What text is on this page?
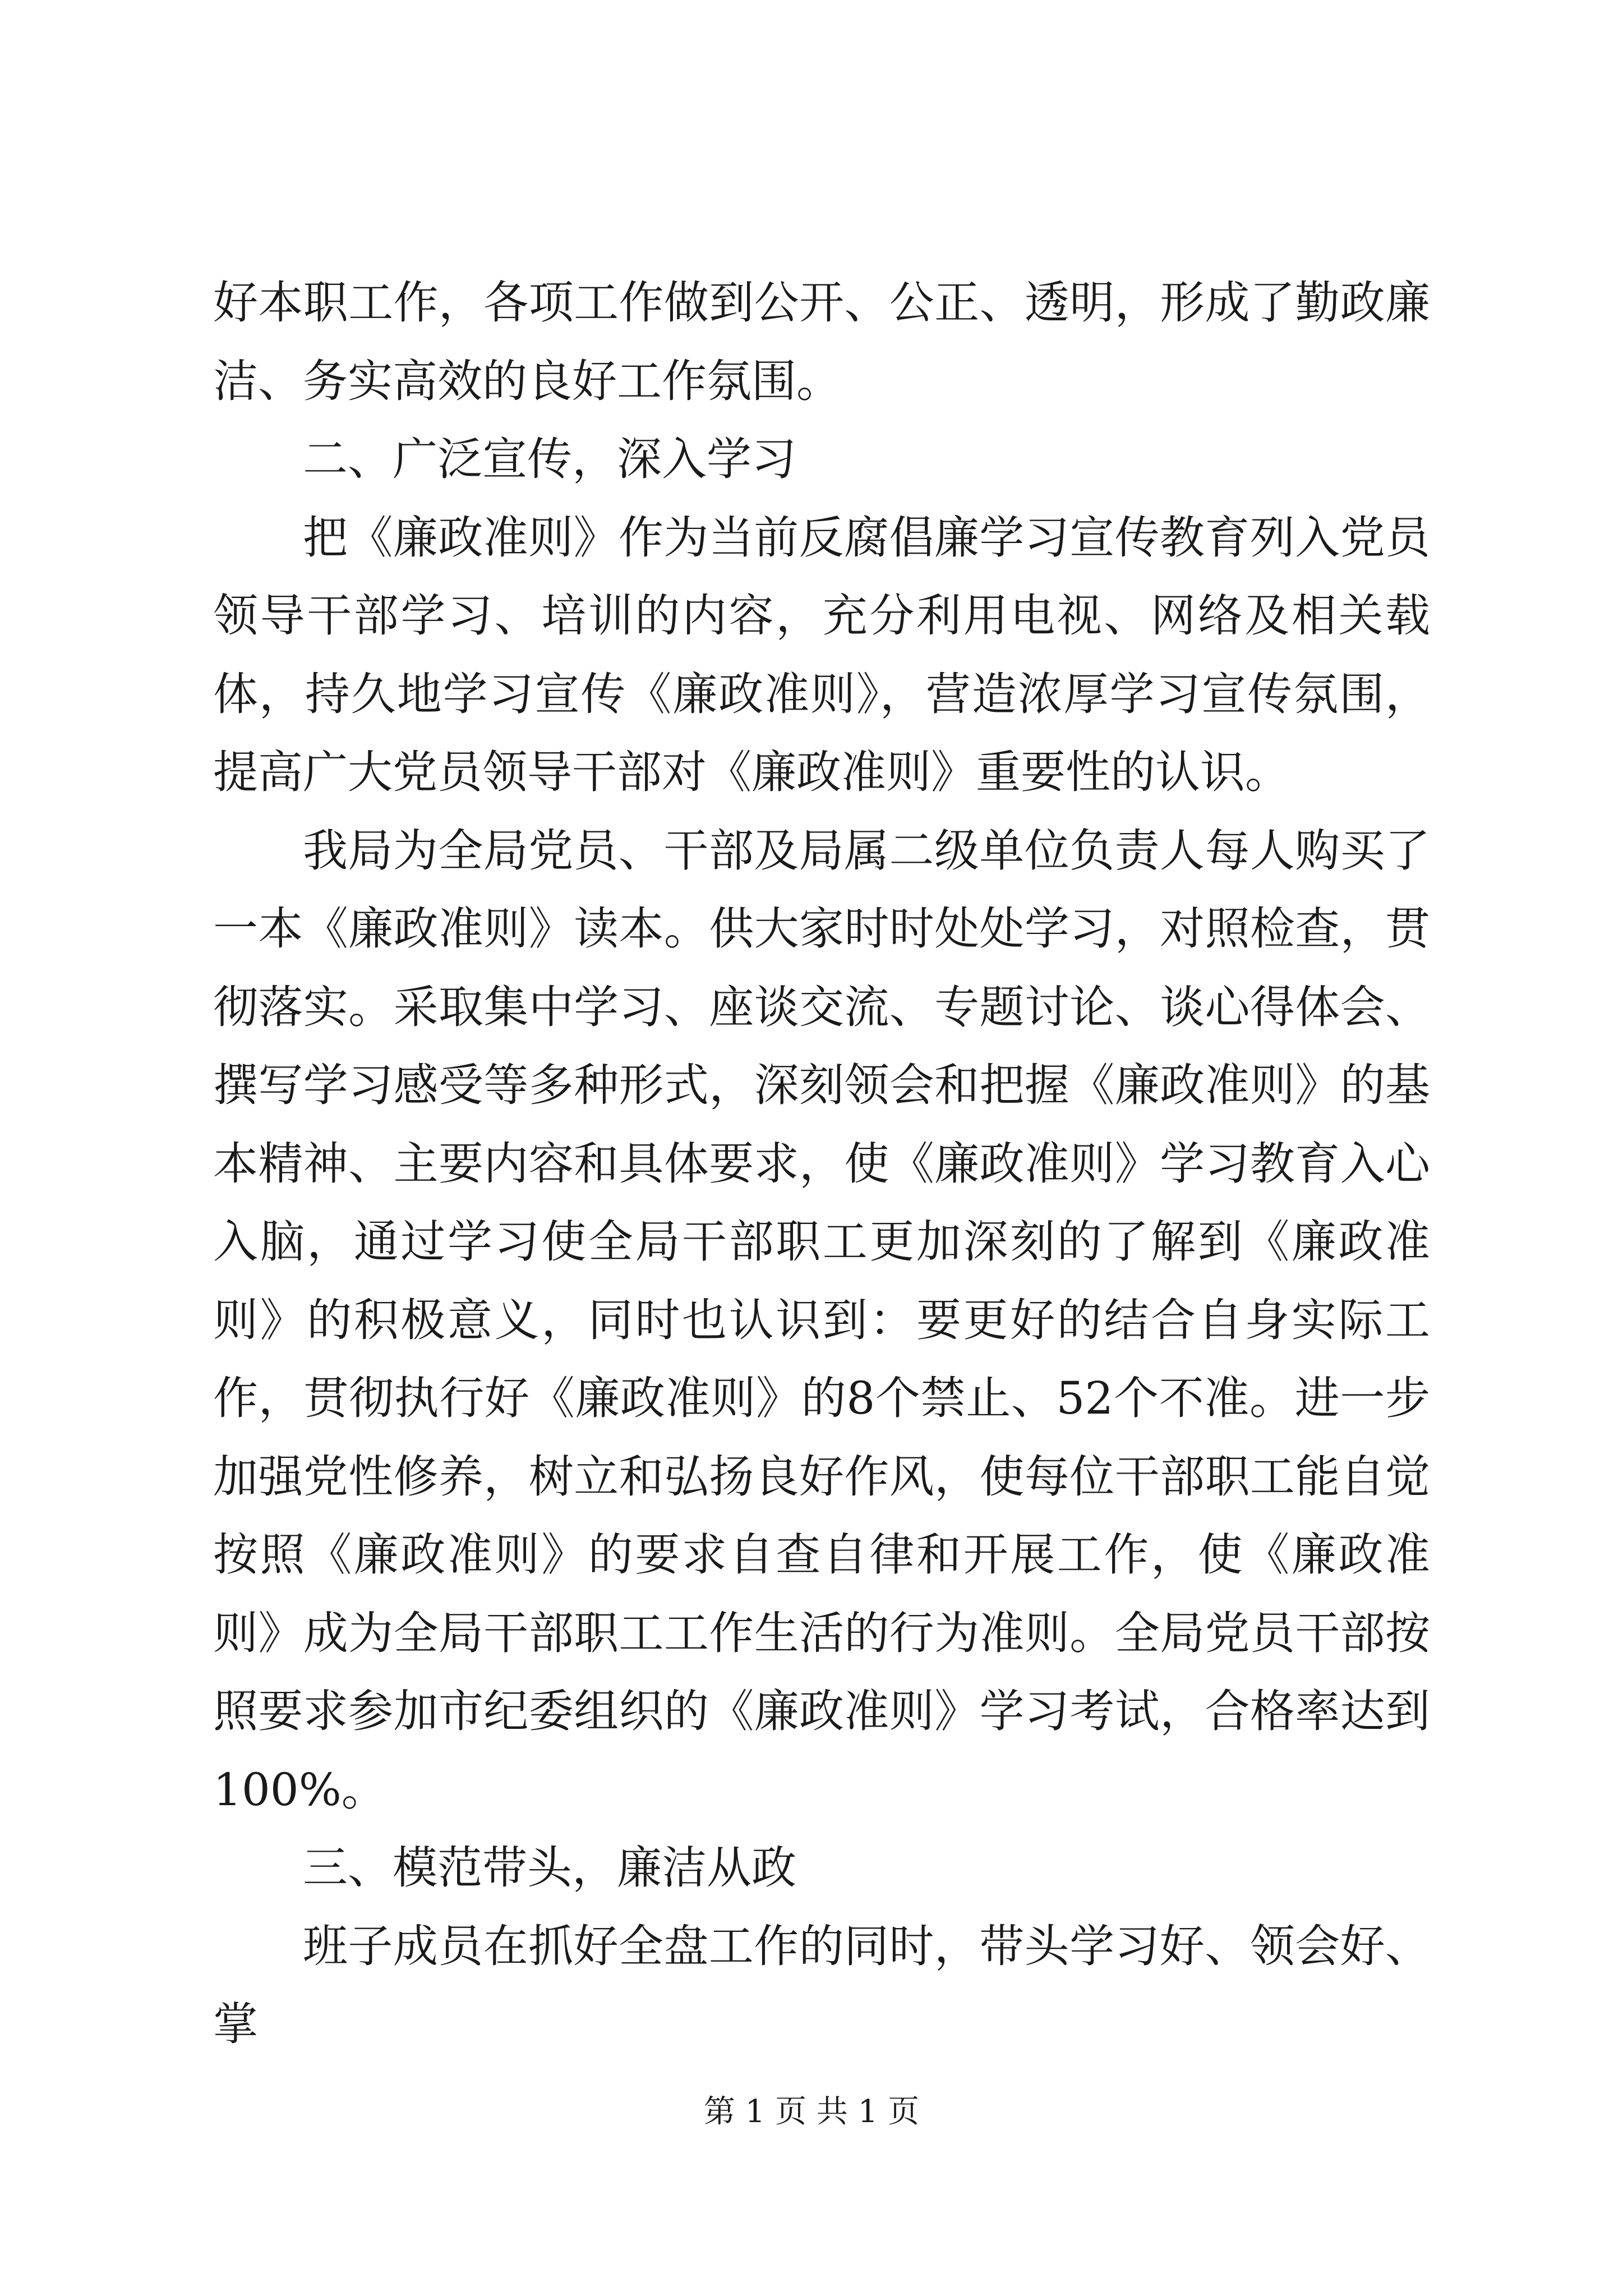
好本职工作，各项工作做到公开、公正、透明，形成了勤政廉洁、务实高效的良好工作氛围。

二、广泛宣传，深入学习

把《廉政准则》作为当前反腐倡廉学习宣传教育列入党员领导干部学习、培训的内容，充分利用电视、网络及相关载体，持久地学习宣传《廉政准则》，营造浓厚学习宣传氛围，提高广大党员领导干部对《廉政准则》重要性的认识。

我局为全局党员、干部及局属二级单位负责人每人购买了一本《廉政准则》读本。供大家时时处处学习，对照检查，贯彻落实。采取集中学习、座谈交流、专题讨论、谈心得体会、撰写学习感受等多种形式，深刻领会和把握《廉政准则》的基本精神、主要内容和具体要求，使《廉政准则》学习教育入心入脑，通过学习使全局干部职工更加深刻的了解到《廉政准则》的积极意义，同时也认识到：要更好的结合自身实际工作，贯彻执行好《廉政准则》的8个禁止、52个不准。进一步加强党性修养，树立和弘扬良好作风，使每位干部职工能自觉按照《廉政准则》的要求自查自律和开展工作，使《廉政准则》成为全局干部职工工作生活的行为准则。全局党员干部按照要求参加市纪委组织的《廉政准则》学习考试，合格率达到100%。

三、模范带头，廉洁从政

班子成员在抓好全盘工作的同时，带头学习好、领会好、掌

第 1 页 共 1 页
